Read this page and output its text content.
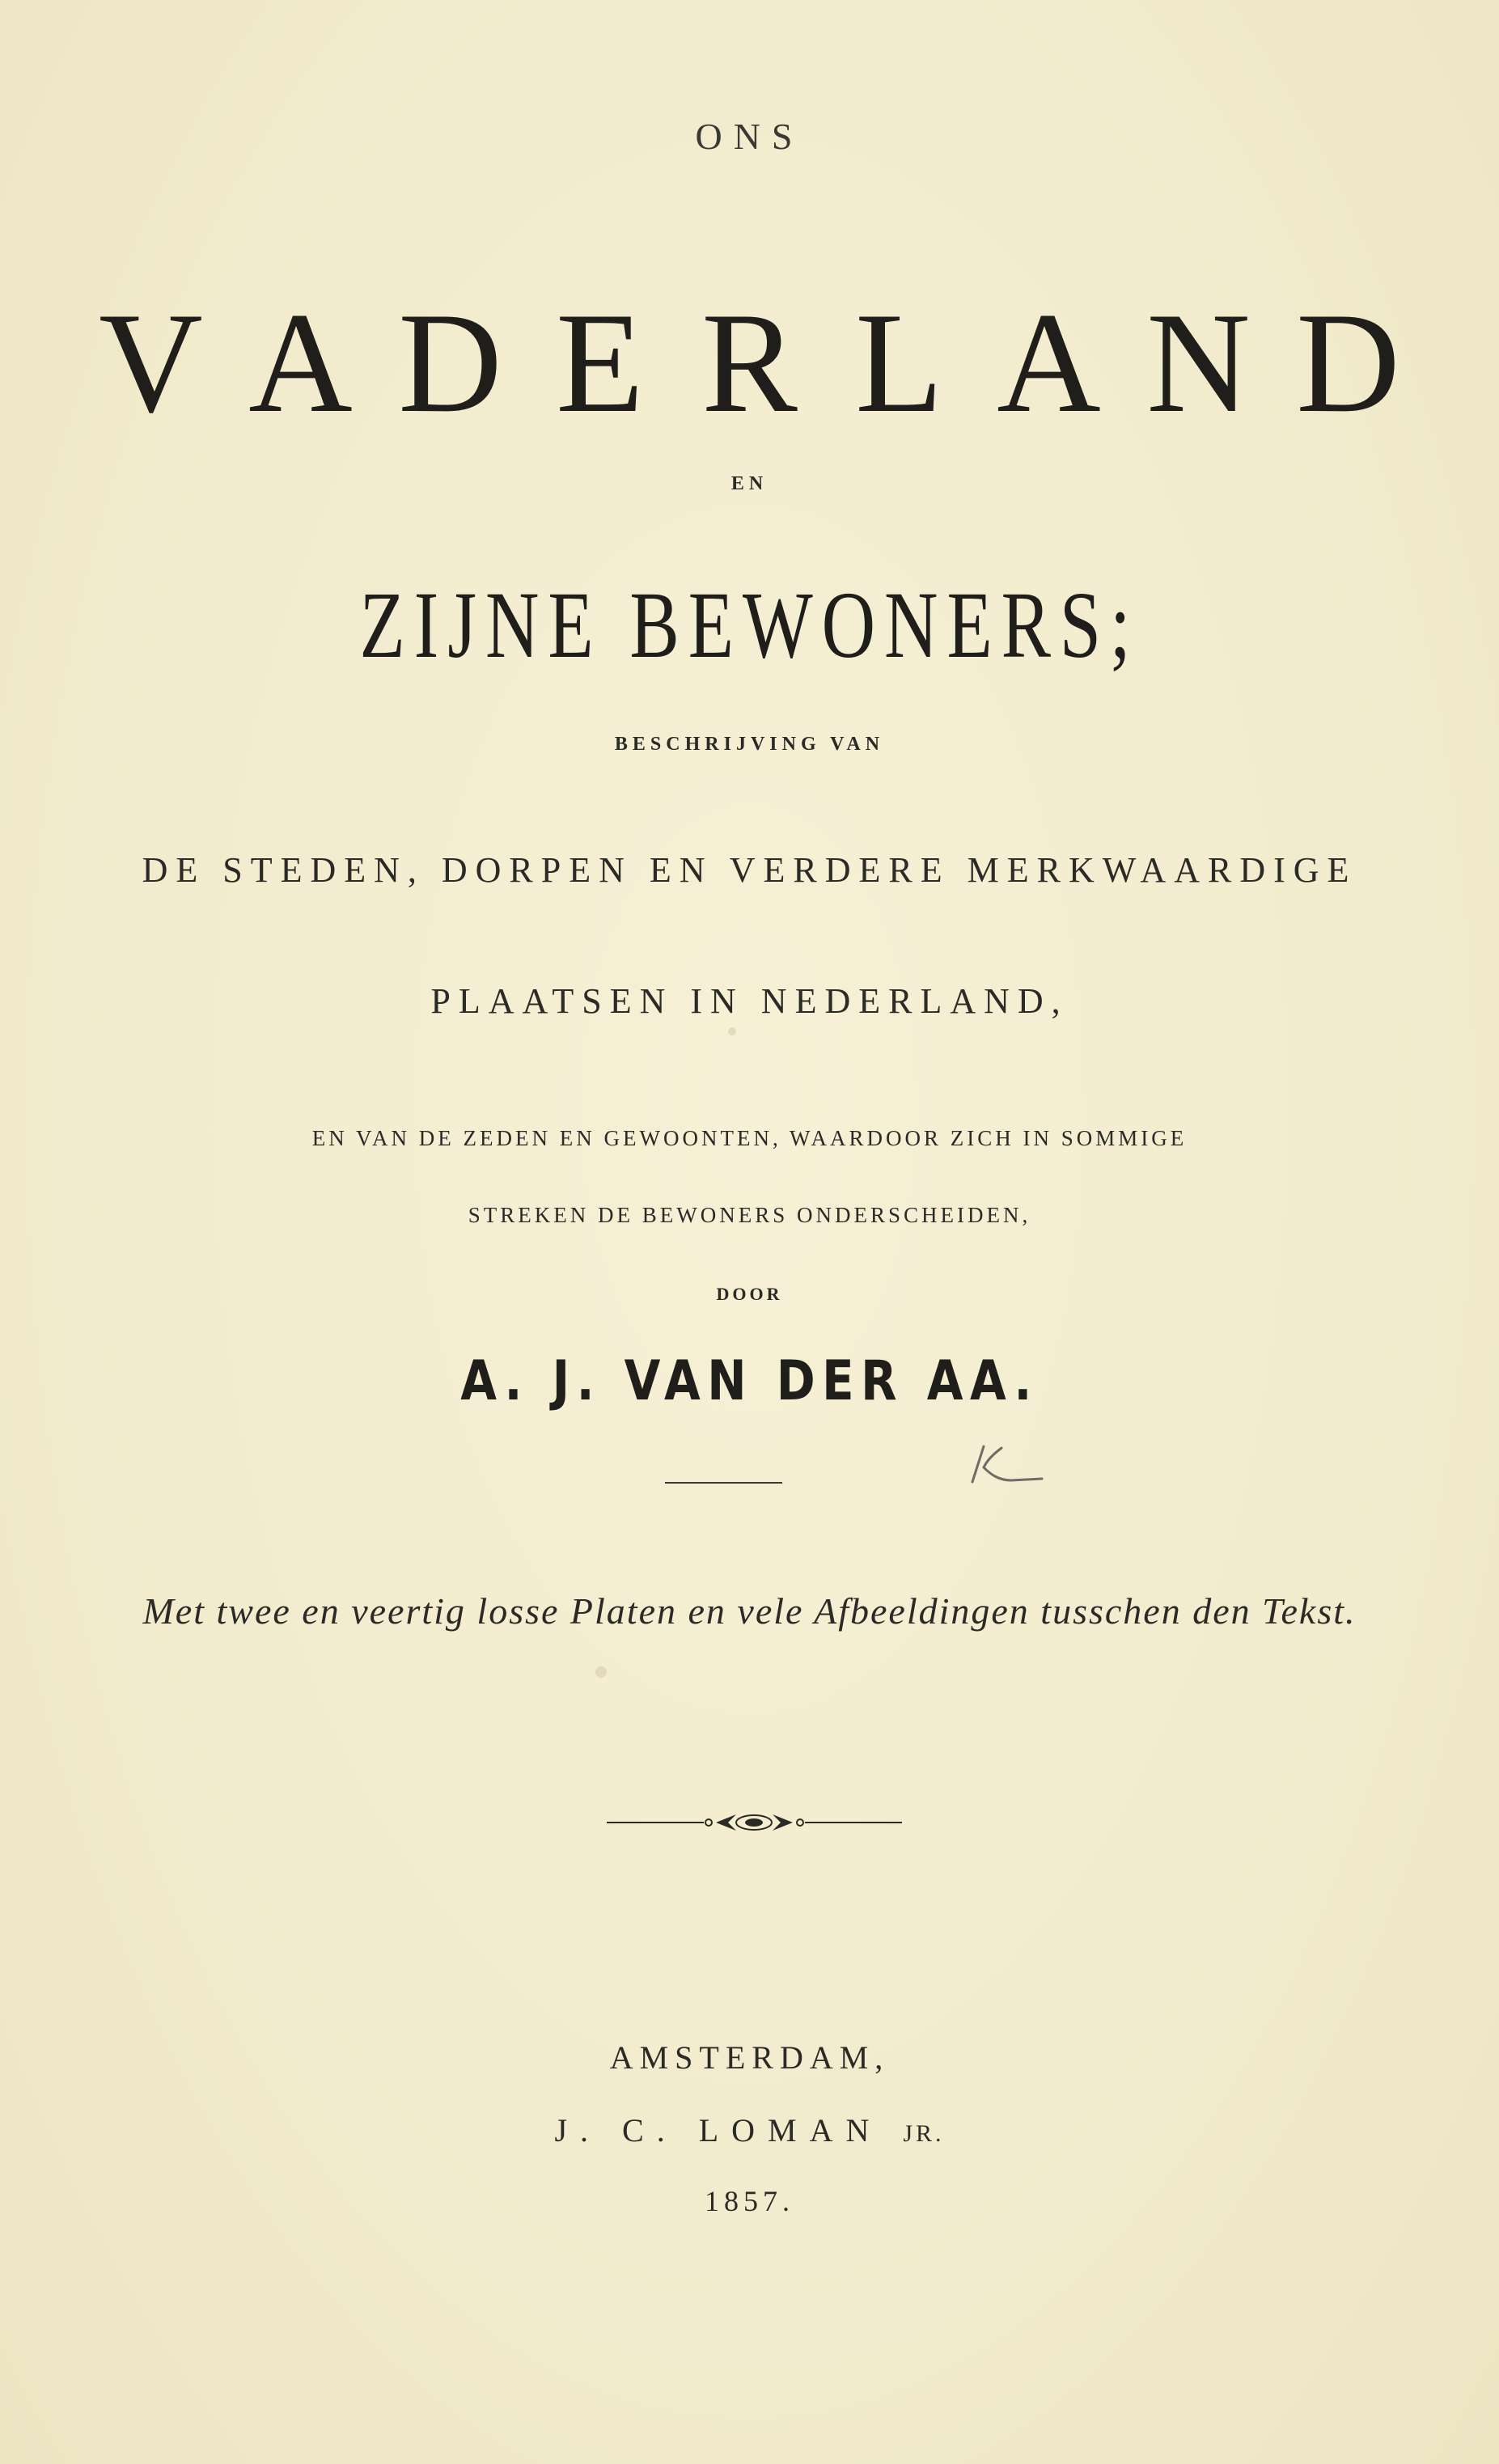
ONS
V A D E R L A N D
EN
ZIJNE BEWONERS;
BESCHRIJVING VAN
DE STEDEN, DORPEN EN VERDERE MERKWAARDIGE
PLAATSEN IN NEDERLAND,
EN VAN DE ZEDEN EN GEWOONTEN, WAARDOOR ZICH IN SOMMIGE
STREKEN DE BEWONERS ONDERSCHEIDEN,
DOOR
A. J. VAN DER AA.
Met twee en veertig losse Platen en vele Afbeeldingen tusschen den Tekst.
AMSTERDAM,
J. C. LOMAN JR.
1857.
